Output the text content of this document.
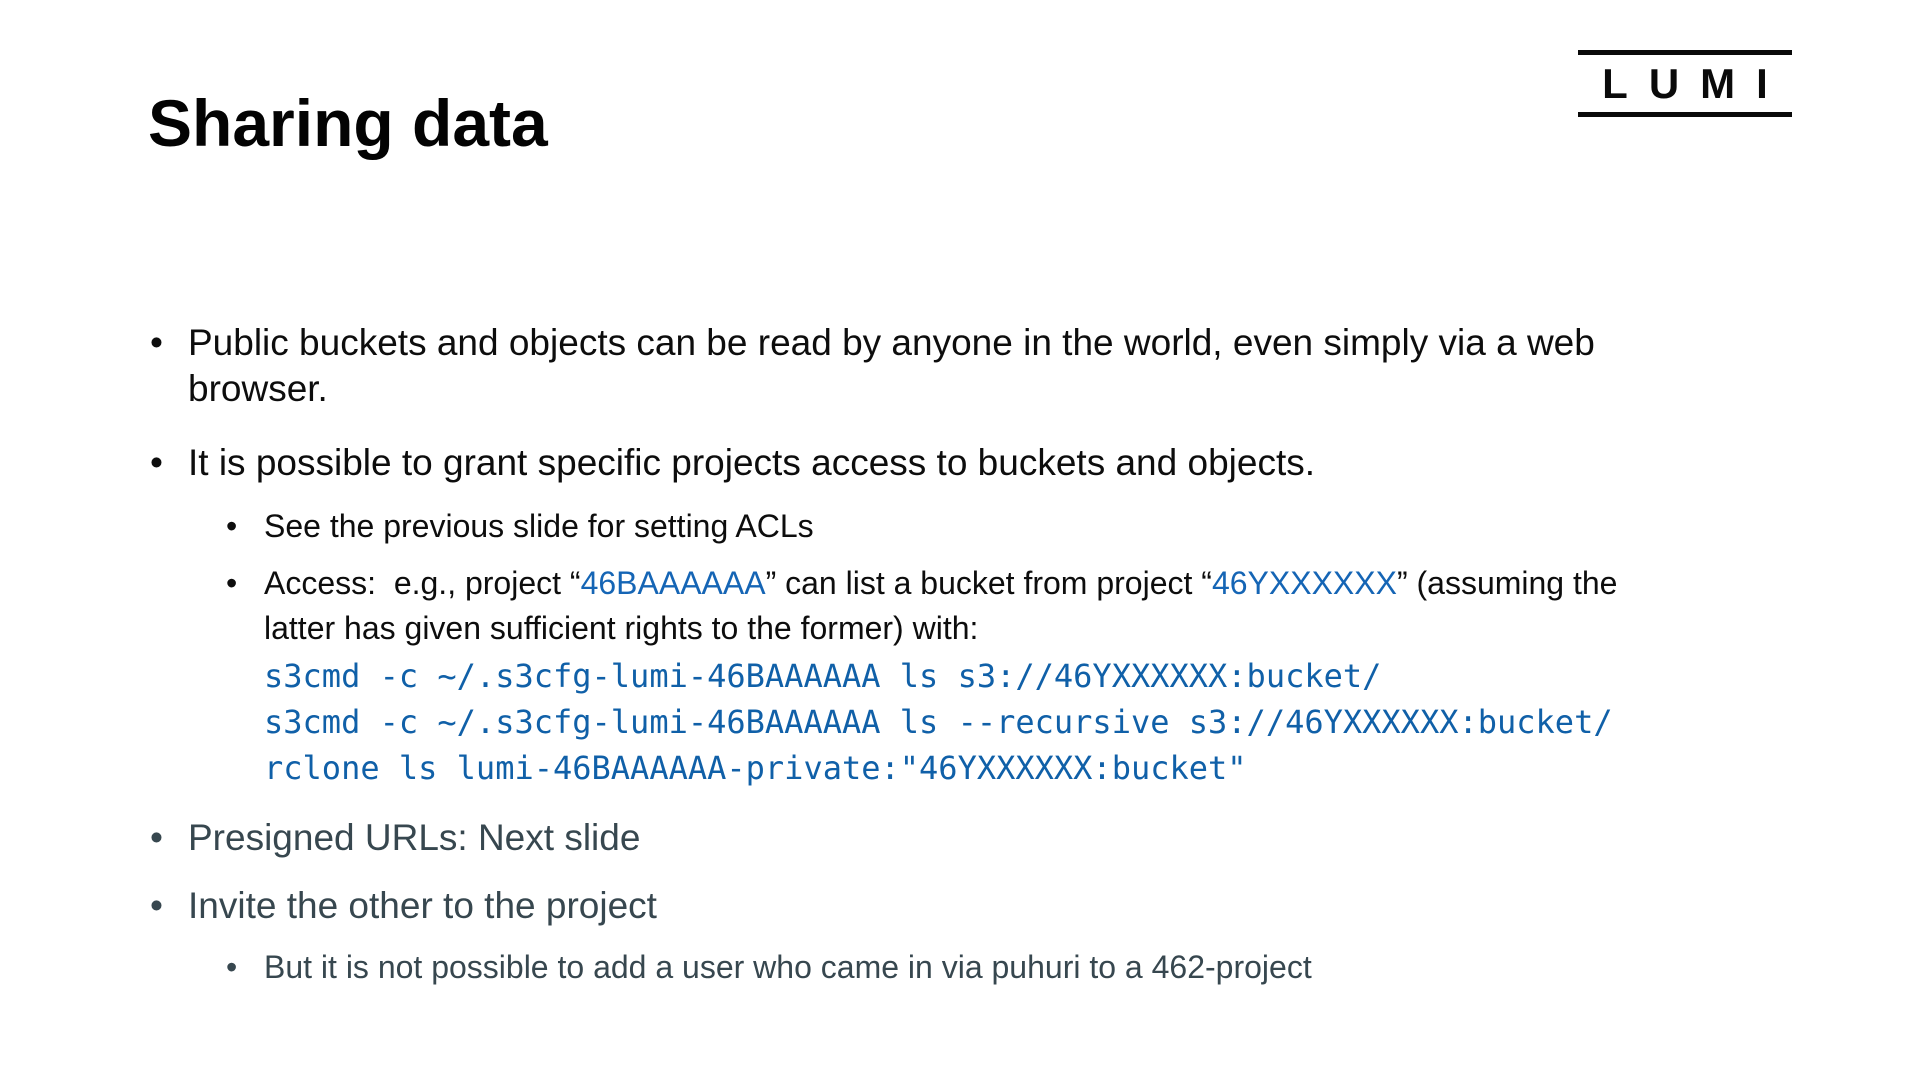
LUMI
Sharing data
• Public buckets and objects can be read by anyone in the world, even simply via a web browser.
• It is possible to grant specific projects access to buckets and objects.
• See the previous slide for setting ACLs
• Access:  e.g., project “46BAAAAAA” can list a bucket from project “46YXXXXXX” (assuming the latter has given sufficient rights to the former) with:
s3cmd -c ~/.s3cfg-lumi-46BAAAAAA ls s3://46YXXXXXX:bucket/
s3cmd -c ~/.s3cfg-lumi-46BAAAAAA ls --recursive s3://46YXXXXXX:bucket/
rclone ls lumi-46BAAAAAA-private:"46YXXXXXX:bucket"
• Presigned URLs: Next slide
• Invite the other to the project
• But it is not possible to add a user who came in via puhuri to a 462-project
